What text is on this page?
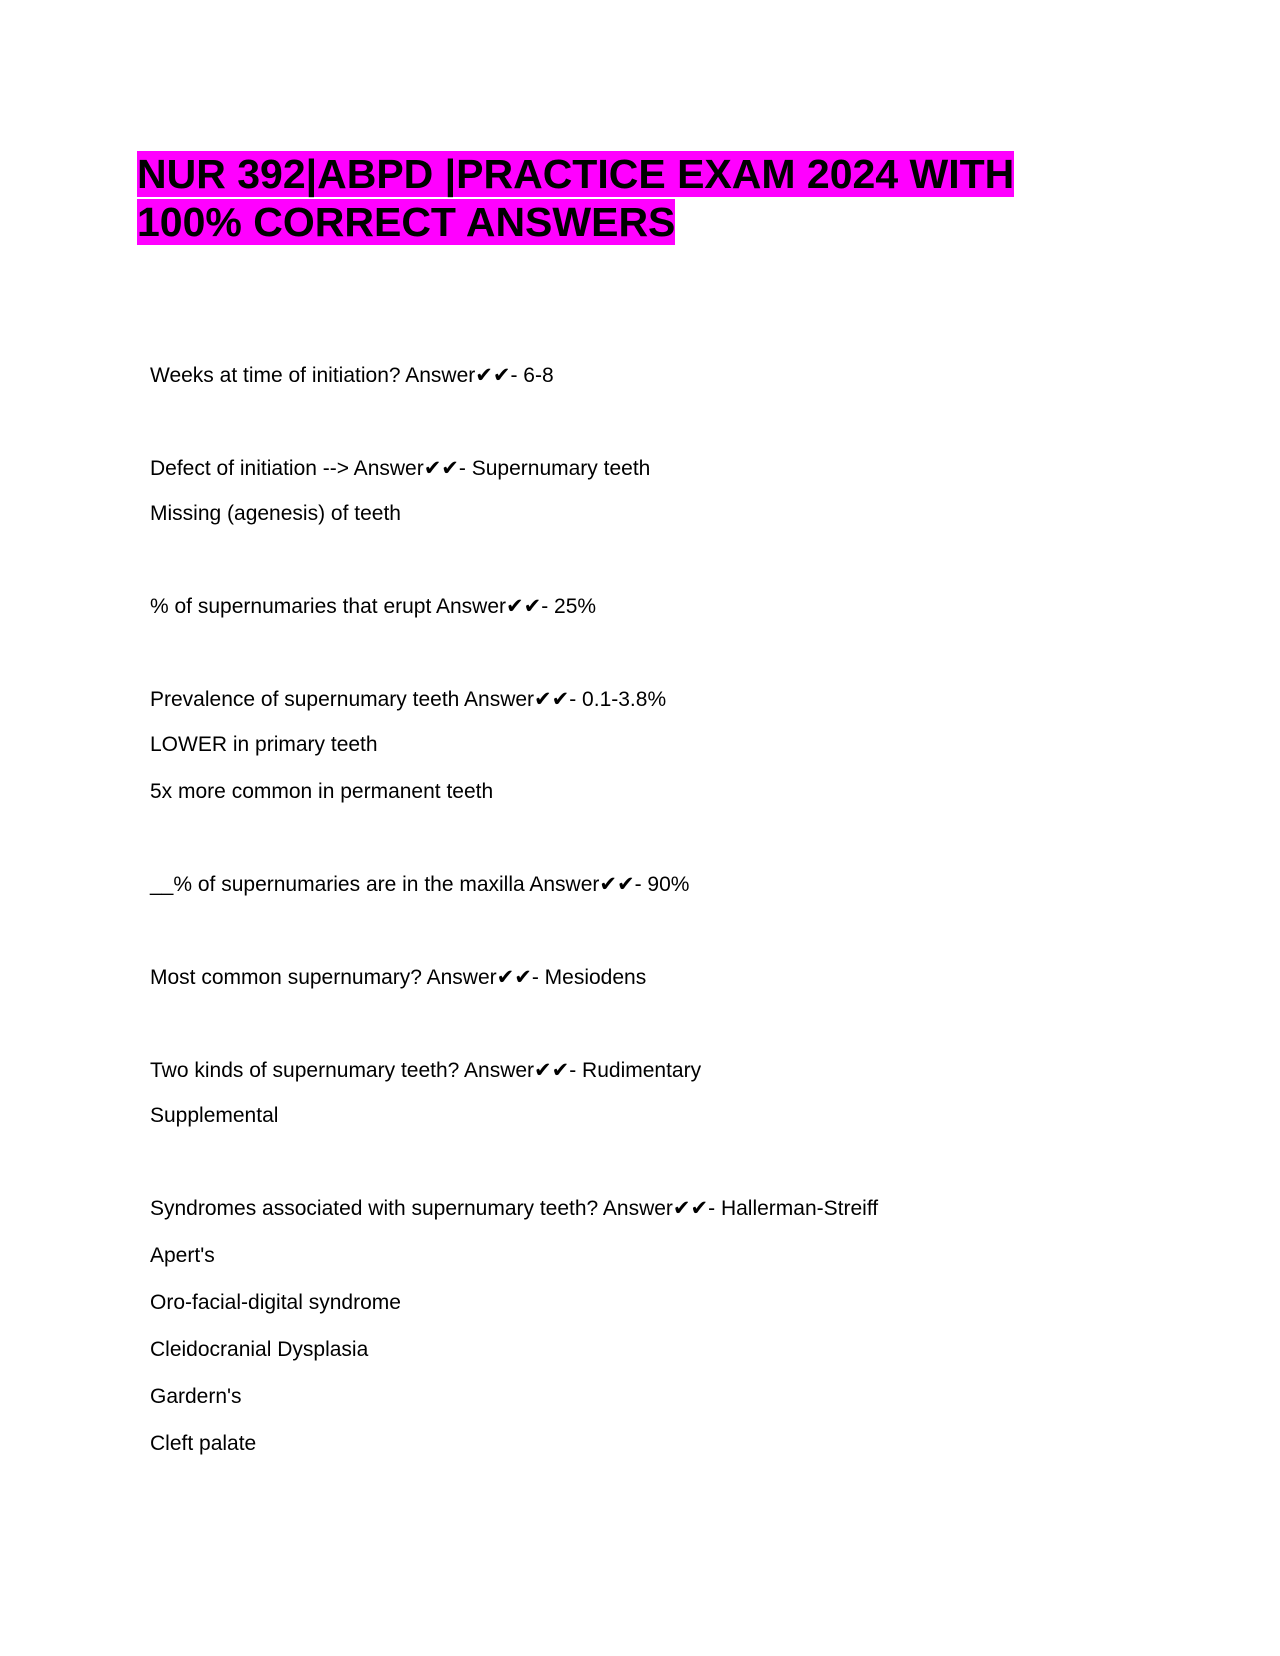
NUR 392|ABPD |PRACTICE EXAM 2024 WITH
100% CORRECT ANSWERS
Weeks at time of initiation? Answer✔✔- 6-8
Defect of initiation --> Answer✔✔- Supernumary teeth
Missing (agenesis) of teeth
% of supernumaries that erupt Answer✔✔- 25%
Prevalence of supernumary teeth Answer✔✔- 0.1-3.8%
LOWER in primary teeth
5x more common in permanent teeth
__% of supernumaries are in the maxilla Answer✔✔- 90%
Most common supernumary? Answer✔✔- Mesiodens
Two kinds of supernumary teeth? Answer✔✔- Rudimentary
Supplemental
Syndromes associated with supernumary teeth? Answer✔✔- Hallerman-Streiff
Apert's
Oro-facial-digital syndrome
Cleidocranial Dysplasia
Gardern's
Cleft palate
